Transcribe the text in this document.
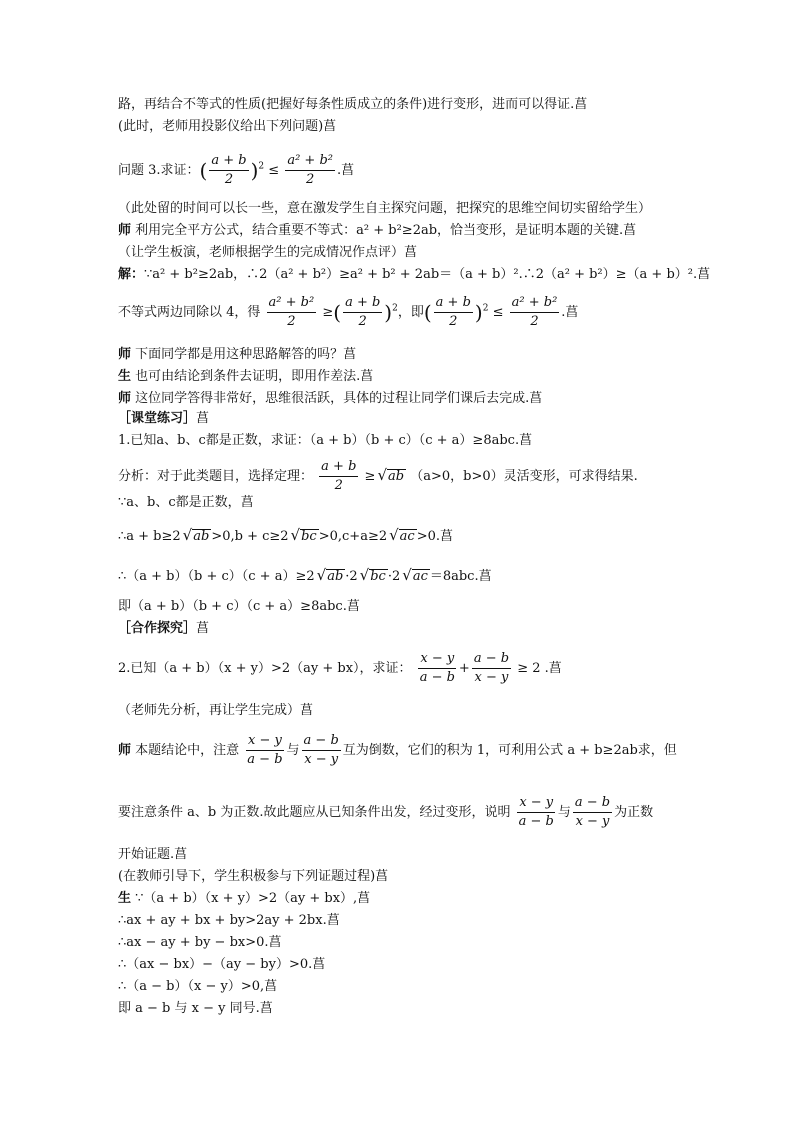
路，再结合不等式的性质(把握好每条性质成立的条件)进行变形，进而可以得证.菖
(此时，老师用投影仪给出下列问题)菖
问题 3.求证：( $\frac{a + b}{2} )^2 \le \frac{\text{a² + b²}}{2}$ .菖
（此处留的时间可以长一些，意在激发学生自主探究问题，把探究的思维空间切实留给学生）
师 利用完全平方公式，结合重要不等式：a² + b²≥2ab，恰当变形，是证明本题的关键.菖
（让学生板演，老师根据学生的完成情况作点评）菖
解：∵a² + b²≥2ab，∴2（a² + b²）≥a² + b² + 2ab＝（a + b）².∴2（a² + b²）≥（a + b）².菖
不等式两边同除以 4，得 $\frac{\text{a² + b²}}{2}$ ≥( $\frac{a + b}{2} )^2$，即( $\frac{a + b}{2} )^2 \le \frac{\text{a² + b²}}{2}$ .菖
师 下面同学都是用这种思路解答的吗？菖
生 也可由结论到条件去证明，即用作差法.菖
师 这位同学答得非常好，思维很活跃，具体的过程让同学们课后去完成.菖
［课堂练习］菖
1.已知a、b、c都是正数，求证：（a + b）（b + c）（c + a）≥8abc.菖
分析：对于此类题目，选择定理： $\frac{a + b}{2} \ge √ab$ （a>0，b>0）灵活变形，可求得结果.
∵a、b、c都是正数，菖
∴a + b≥2 √ab >0,b + c≥2 √bc >0,c+a≥2 √ac >0.菖
∴（a + b）（b + c）（c + a）≥2 √ab ·2 √bc ·2 √ac ＝8abc.菖
即（a + b）（b + c）（c + a）≥8abc.菖
［合作探究］菖
2.已知（a + b）（x + y）>2（ay + bx），求证： $\frac{x - y}{a - b} + \frac{a - b}{x - y} \ge 2$ .菖
（老师先分析，再让学生完成）菖
师 本题结论中，注意 $\frac{x - y}{a - b}$ 与 $\frac{a - b}{x - y}$ 互为倒数，它们的积为 1，可利用公式 a + b≥2ab求，但
要注意条件 a、b 为正数.故此题应从已知条件出发，经过变形，说明 $\frac{x - y}{a - b}$ 与 $\frac{a - b}{x - y}$ 为正数
开始证题.菖
(在教师引导下，学生积极参与下列证题过程)菖
生 ∵（a + b）（x + y）>2（ay + bx）,菖
∴ax + ay + bx + by>2ay + 2bx.菖
∴ax − ay + by − bx>0.菖
∴（ax − bx）−（ay − by）>0.菖
∴（a − b）（x − y）>0,菖
即 a − b 与 x − y 同号.菖
